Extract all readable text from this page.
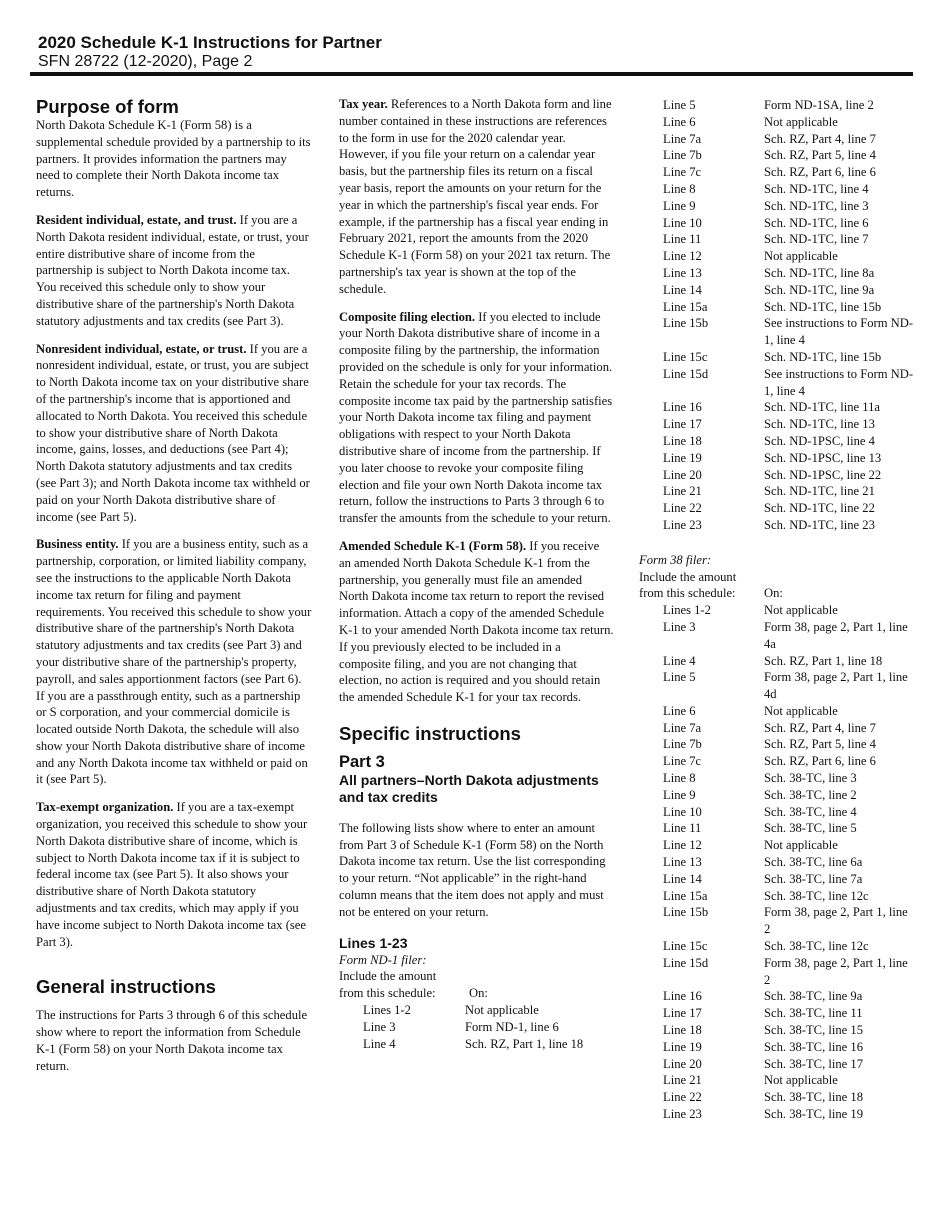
2020 Schedule K-1 Instructions for Partner
SFN 28722 (12-2020), Page 2
Purpose of form

North Dakota Schedule K-1 (Form 58) is a supplemental schedule provided by a partnership to its partners. It provides information the partners may need to complete their North Dakota income tax returns.

Resident individual, estate, and trust. If you are a North Dakota resident individual, estate, or trust, your entire distributive share of income from the partnership is subject to North Dakota income tax. You received this schedule only to show your distributive share of the partnership's North Dakota statutory adjustments and tax credits (see Part 3).

Nonresident individual, estate, or trust. If you are a nonresident individual, estate, or trust, you are subject to North Dakota income tax on your distributive share of the partnership's income that is apportioned and allocated to North Dakota. You received this schedule to show your distributive share of North Dakota income, gains, losses, and deductions (see Part 4); North Dakota statutory adjustments and tax credits (see Part 3); and North Dakota income tax withheld or paid on your North Dakota distributive share of income (see Part 5).

Business entity. If you are a business entity, such as a partnership, corporation, or limited liability company, see the instructions to the applicable North Dakota income tax return for filing and payment requirements. You received this schedule to show your distributive share of the partnership's North Dakota statutory adjustments and tax credits (see Part 3) and your distributive share of the partnership's property, payroll, and sales apportionment factors (see Part 6). If you are a passthrough entity, such as a partnership or S corporation, and your commercial domicile is located outside North Dakota, the schedule will also show your North Dakota distributive share of income and any North Dakota income tax withheld or paid on it (see Part 5).

Tax-exempt organization. If you are a tax-exempt organization, you received this schedule to show your North Dakota distributive share of income, which is subject to North Dakota income tax if it is subject to federal income tax (see Part 5). It also shows your distributive share of North Dakota statutory adjustments and tax credits, which may apply if you have income subject to North Dakota income tax (see Part 3).

General instructions

The instructions for Parts 3 through 6 of this schedule show where to report the information from Schedule K-1 (Form 58) on your North Dakota income tax return.

Tax year. References to a North Dakota form and line number contained in these instructions are references to the form in use for the 2020 calendar year. However, if you file your return on a calendar year basis, but the partnership files its return on a fiscal year basis, report the amounts on your return for the year in which the partnership's fiscal year ends. For example, if the partnership has a fiscal year ending in February 2021, report the amounts from the 2020 Schedule K-1 (Form 58) on your 2021 tax return. The partnership's tax year is shown at the top of the schedule.

Composite filing election. If you elected to include your North Dakota distributive share of income in a composite filing by the partnership, the information provided on the schedule is only for your information. Retain the schedule for your tax records. The composite income tax paid by the partnership satisfies your North Dakota income tax filing and payment obligations with respect to your North Dakota distributive share of income from the partnership. If you later choose to revoke your composite filing election and file your own North Dakota income tax return, follow the instructions to Parts 3 through 6 to transfer the amounts from the schedule to your return.

Amended Schedule K-1 (Form 58). If you receive an amended North Dakota Schedule K-1 from the partnership, you generally must file an amended North Dakota income tax return to report the revised information. Attach a copy of the amended Schedule K-1 to your amended North Dakota income tax return. If you previously elected to be included in a composite filing, and you are not changing that election, no action is required and you should retain the amended Schedule K-1 for your tax records.

Specific instructions
Part 3
All partners–North Dakota adjustments and tax credits

The following lists show where to enter an amount from Part 3 of Schedule K-1 (Form 58) on the North Dakota income tax return. Use the list corresponding to your return. “Not applicable” in the right-hand column means that the item does not apply and must not be entered on your return.

Lines 1-23
Form ND-1 filer:
Include the amount
from this schedule:	On:
Lines 1-2	Not applicable
Line 3	Form ND-1, line 6
Line 4	Sch. RZ, Part 1, line 18
Line 5	Form ND-1SA, line 2
Line 6	Not applicable
Line 7a	Sch. RZ, Part 4, line 7
Line 7b	Sch. RZ, Part 5, line 4
Line 7c	Sch. RZ, Part 6, line 6
Line 8	Sch. ND-1TC, line 4
Line 9	Sch. ND-1TC, line 3
Line 10	Sch. ND-1TC, line 6
Line 11	Sch. ND-1TC, line 7
Line 12	Not applicable
Line 13	Sch. ND-1TC, line 8a
Line 14	Sch. ND-1TC, line 9a
Line 15a	Sch. ND-1TC, line 15b
Line 15b	See instructions to Form ND-1, line 4
Line 15c	Sch. ND-1TC, line 15b
Line 15d	See instructions to Form ND-1, line 4
Line 16	Sch. ND-1TC, line 11a
Line 17	Sch. ND-1TC, line 13
Line 18	Sch. ND-1PSC, line 4
Line 19	Sch. ND-1PSC, line 13
Line 20	Sch. ND-1PSC, line 22
Line 21	Sch. ND-1TC, line 21
Line 22	Sch. ND-1TC, line 22
Line 23	Sch. ND-1TC, line 23
Form 38 filer:
Include the amount
from this schedule:	On:
Lines 1-2	Not applicable
Line 3	Form 38, page 2, Part 1, line 4a
Line 4	Sch. RZ, Part 1, line 18
Line 5	Form 38, page 2, Part 1, line 4d
Line 6	Not applicable
Line 7a	Sch. RZ, Part 4, line 7
Line 7b	Sch. RZ, Part 5, line 4
Line 7c	Sch. RZ, Part 6, line 6
Line 8	Sch. 38-TC, line 3
Line 9	Sch. 38-TC, line 2
Line 10	Sch. 38-TC, line 4
Line 11	Sch. 38-TC, line 5
Line 12	Not applicable
Line 13	Sch. 38-TC, line 6a
Line 14	Sch. 38-TC, line 7a
Line 15a	Sch. 38-TC, line 12c
Line 15b	Form 38, page 2, Part 1, line 2
Line 15c	Sch. 38-TC, line 12c
Line 15d	Form 38, page 2, Part 1, line 2
Line 16	Sch. 38-TC, line 9a
Line 17	Sch. 38-TC, line 11
Line 18	Sch. 38-TC, line 15
Line 19	Sch. 38-TC, line 16
Line 20	Sch. 38-TC, line 17
Line 21	Not applicable
Line 22	Sch. 38-TC, line 18
Line 23	Sch. 38-TC, line 19
